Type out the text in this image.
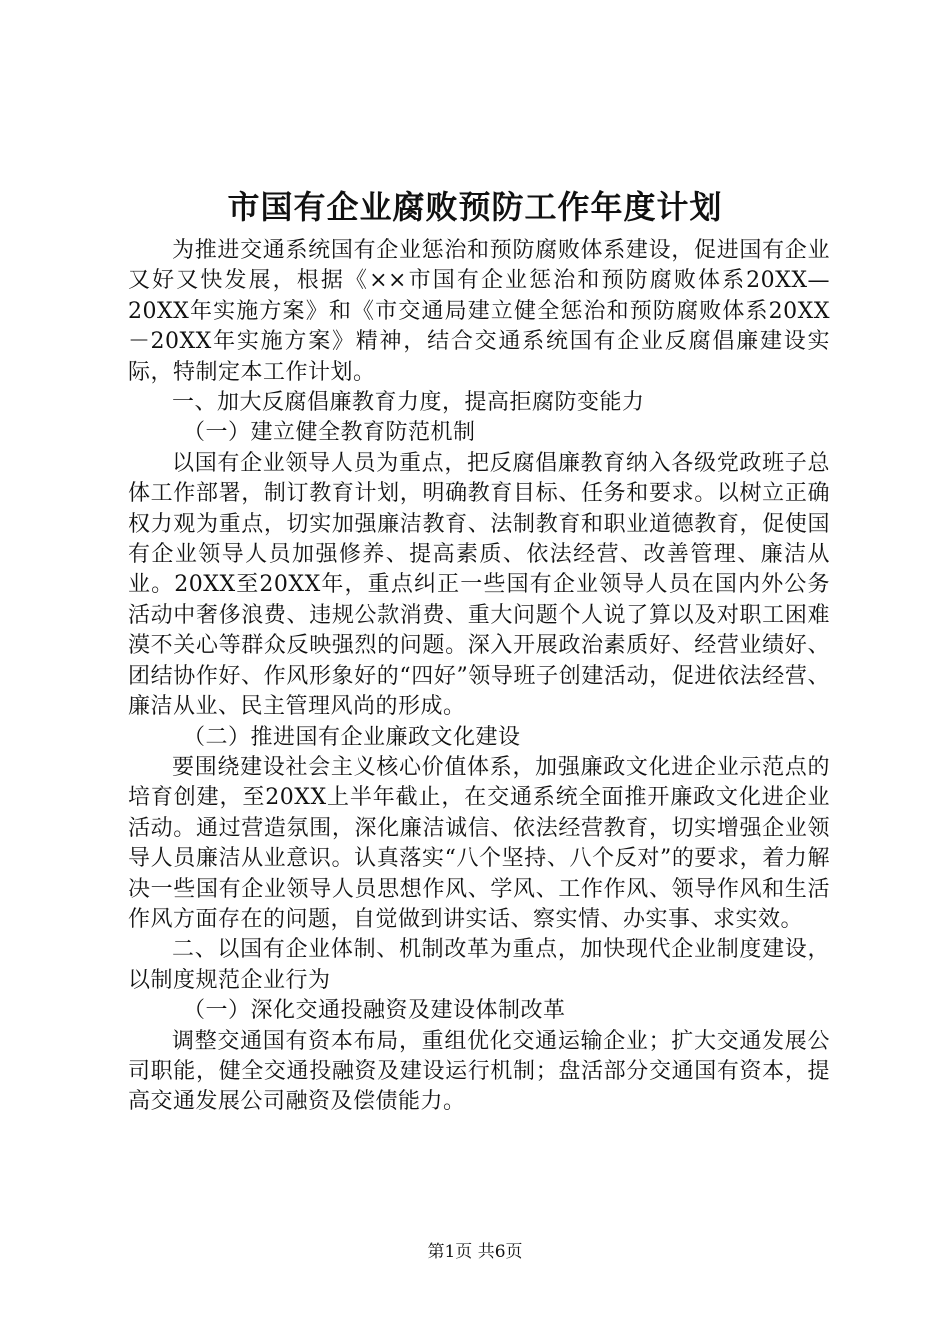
市国有企业腐败预防工作年度计划

为推进交通系统国有企业惩治和预防腐败体系建设，促进国有企业又好又快发展，根据《××市国有企业惩治和预防腐败体系20XX—20XX年实施方案》和《市交通局建立健全惩治和预防腐败体系20XX－20XX年实施方案》精神，结合交通系统国有企业反腐倡廉建设实际，特制定本工作计划。

一、加大反腐倡廉教育力度，提高拒腐防变能力

（一）建立健全教育防范机制

以国有企业领导人员为重点，把反腐倡廉教育纳入各级党政班子总体工作部署，制订教育计划，明确教育目标、任务和要求。以树立正确权力观为重点，切实加强廉洁教育、法制教育和职业道德教育，促使国有企业领导人员加强修养、提高素质、依法经营、改善管理、廉洁从业。20XX至20XX年，重点纠正一些国有企业领导人员在国内外公务活动中奢侈浪费、违规公款消费、重大问题个人说了算以及对职工困难漠不关心等群众反映强烈的问题。深入开展政治素质好、经营业绩好、团结协作好、作风形象好的“四好”领导班子创建活动，促进依法经营、廉洁从业、民主管理风尚的形成。

（二）推进国有企业廉政文化建设

要围绕建设社会主义核心价值体系，加强廉政文化进企业示范点的培育创建，至20XX上半年截止，在交通系统全面推开廉政文化进企业活动。通过营造氛围，深化廉洁诚信、依法经营教育，切实增强企业领导人员廉洁从业意识。认真落实“八个坚持、八个反对”的要求，着力解决一些国有企业领导人员思想作风、学风、工作作风、领导作风和生活作风方面存在的问题，自觉做到讲实话、察实情、办实事、求实效。

二、以国有企业体制、机制改革为重点，加快现代企业制度建设，以制度规范企业行为

（一）深化交通投融资及建设体制改革

调整交通国有资本布局，重组优化交通运输企业；扩大交通发展公司职能，健全交通投融资及建设运行机制；盘活部分交通国有资本，提高交通发展公司融资及偿债能力。

第1页 共6页
